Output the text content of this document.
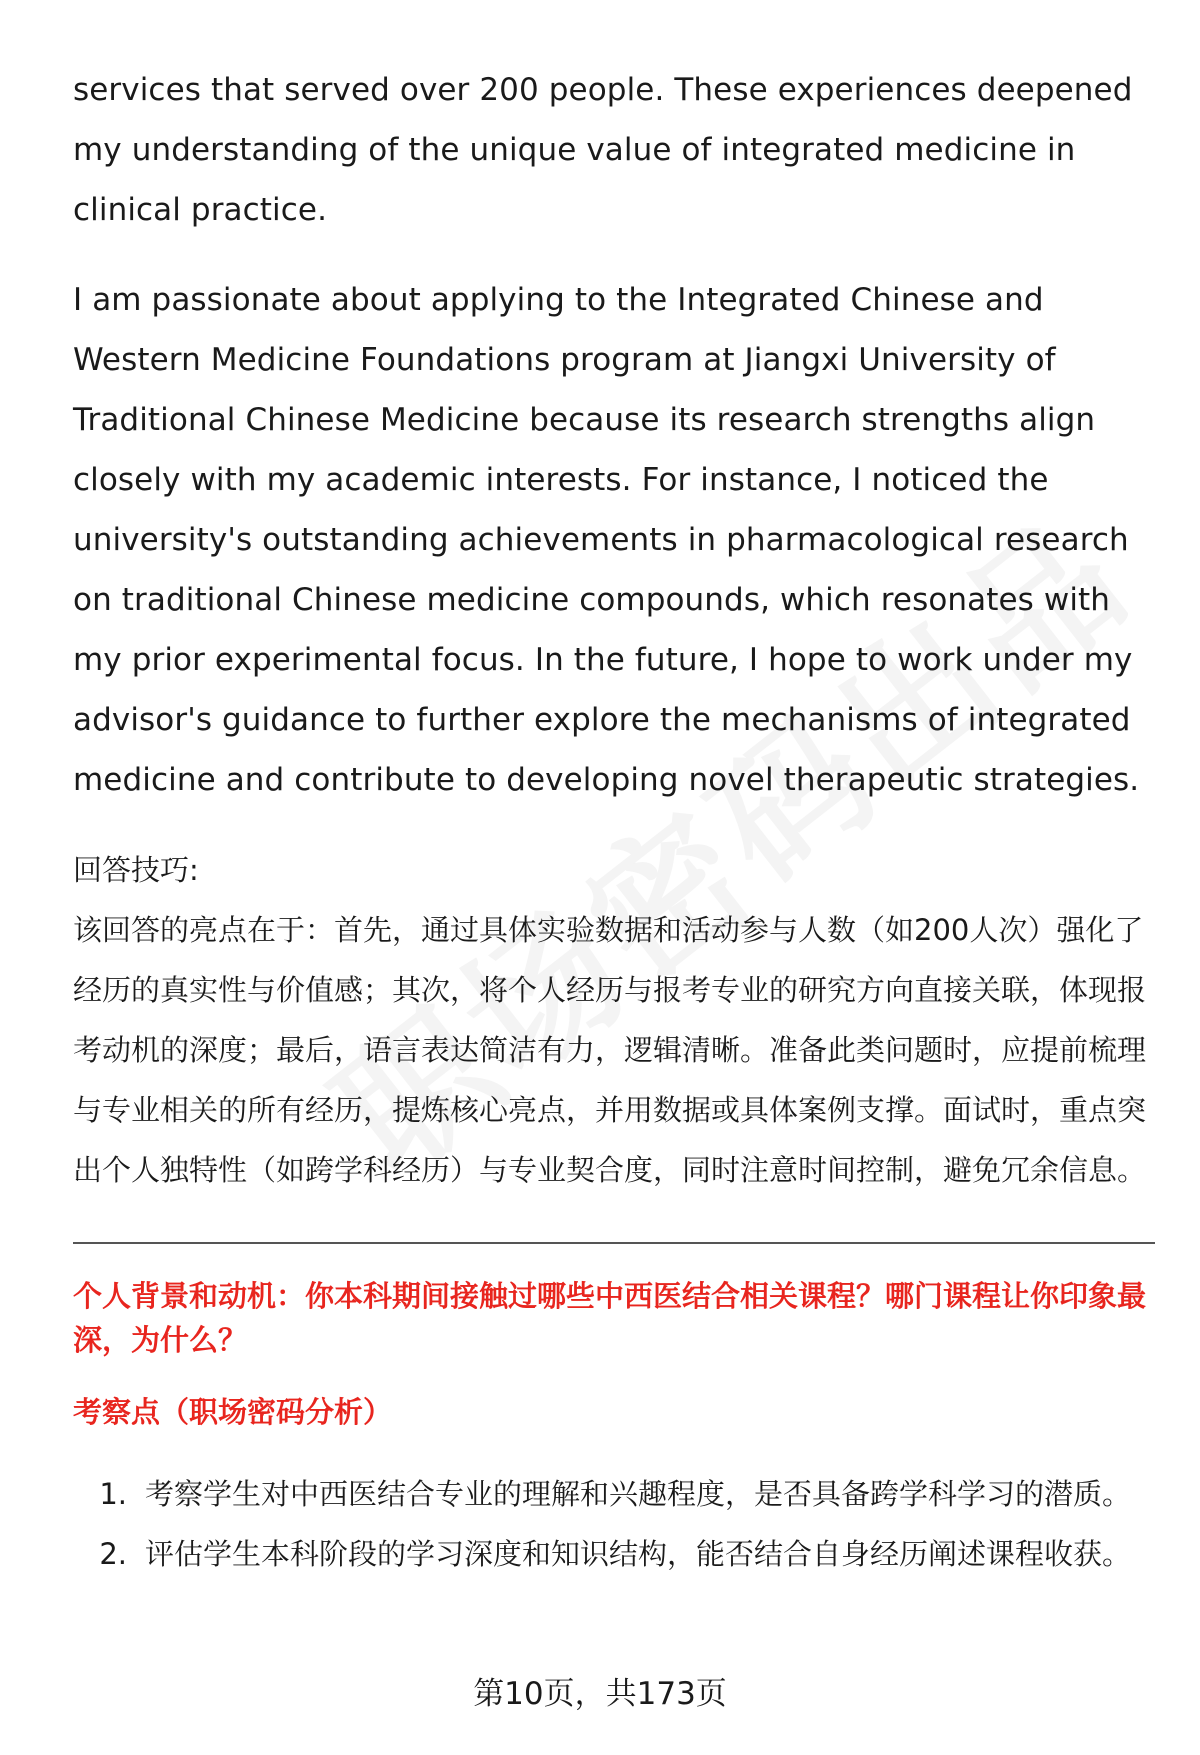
services that served over 200 people. These experiences deepened my understanding of the unique value of integrated medicine in clinical practice.

I am passionate about applying to the Integrated Chinese and Western Medicine Foundations program at Jiangxi University of Traditional Chinese Medicine because its research strengths align closely with my academic interests. For instance, I noticed the university's outstanding achievements in pharmacological research on traditional Chinese medicine compounds, which resonates with my prior experimental focus. In the future, I hope to work under my advisor's guidance to further explore the mechanisms of integrated medicine and contribute to developing novel therapeutic strategies.

回答技巧:

该回答的亮点在于：首先，通过具体实验数据和活动参与人数（如200人次）强化了经历的真实性与价值感；其次，将个人经历与报考专业的研究方向直接关联，体现报考动机的深度；最后，语言表达简洁有力，逻辑清晰。准备此类问题时，应提前梳理与专业相关的所有经历，提炼核心亮点，并用数据或具体案例支撑。面试时，重点突出个人独特性（如跨学科经历）与专业契合度，同时注意时间控制，避免冗余信息。

个人背景和动机：你本科期间接触过哪些中西医结合相关课程？哪门课程让你印象最深，为什么？
考察点（职场密码分析）
1. 考察学生对中西医结合专业的理解和兴趣程度，是否具备跨学科学习的潜质。
2. 评估学生本科阶段的学习深度和知识结构，能否结合自身经历阐述课程收获。
第10页，共173页
